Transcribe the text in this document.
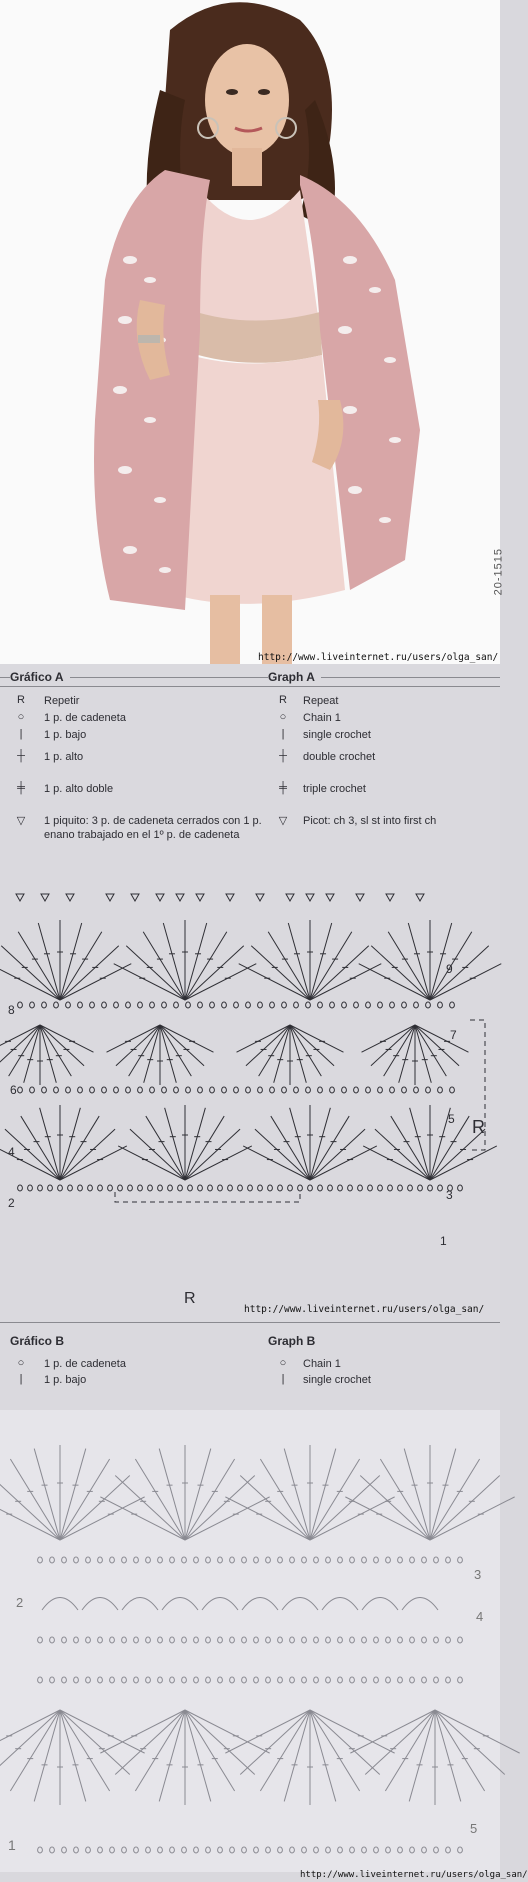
20-1515
http://www.liveinternet.ru/users/olga_san/
Gráfico A	Graph A
R Repetir
○	1 p. de cadeneta
|	1 p. bajo
┼ 1 p. alto
╪ 1 p. alto doble
▽ 1 piquito: 3 p. de cadeneta cerrados con 1 p. enano trabajado en el 1º p. de cadeneta
R Repeat
○	Chain 1
|	single crochet
┼ double crochet
╪ triple crochet
▽ Picot: ch 3, sl st into first ch
1
2
3
4
5
6
7
8
9
R
R
http://www.liveinternet.ru/users/olga_san/
Gráfico B	Graph B
○	1 p. de cadeneta
|	1 p. bajo
○	Chain 1
|	single crochet
1
2
3
4
5
http://www.liveinternet.ru/users/olga_san/
